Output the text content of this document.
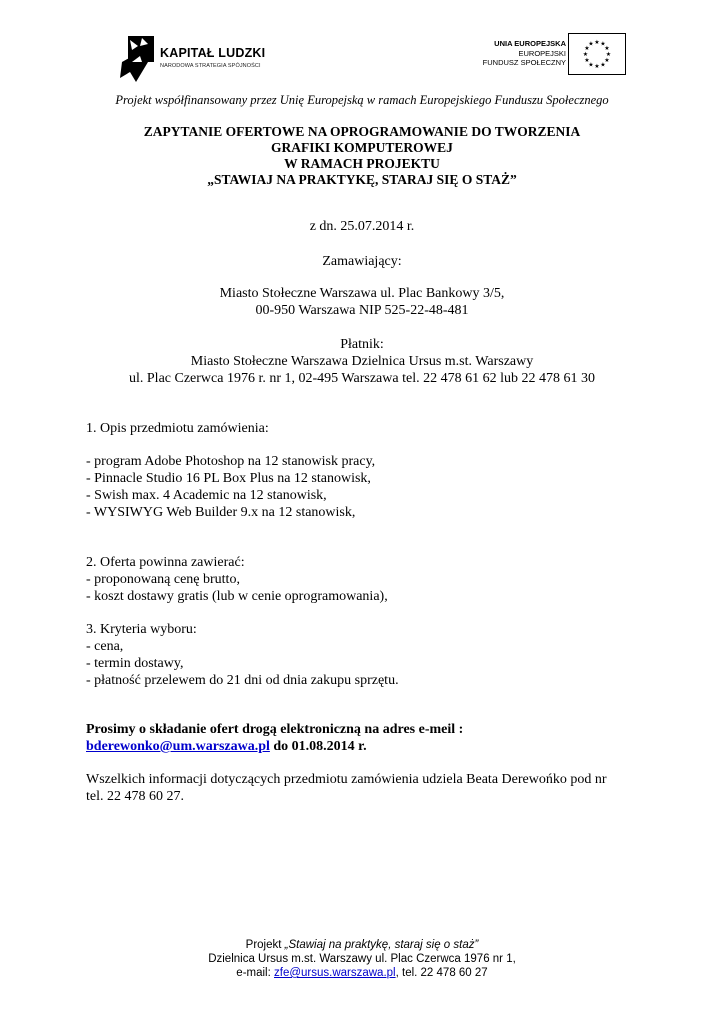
KAPITAŁ LUDZKI
NARODOWA STRATEGIA SPÓJNOŚCI
UNIA EUROPEJSKA
EUROPEJSKI
FUNDUSZ SPOŁECZNY
★ ★
★
★
★
★
★
★
★
★
★
★
Projekt współfinansowany przez Unię Europejską w ramach Europejskiego Funduszu Społecznego
ZAPYTANIE OFERTOWE NA OPROGRAMOWANIE DO TWORZENIA
GRAFIKI KOMPUTEROWEJ
W RAMACH PROJEKTU
„STAWIAJ NA PRAKTYKĘ, STARAJ SIĘ O STAŻ”
z dn. 25.07.2014 r.
Zamawiający:
Miasto Stołeczne Warszawa ul. Plac Bankowy 3/5,
00-950 Warszawa NIP 525-22-48-481
Płatnik:
Miasto Stołeczne Warszawa Dzielnica Ursus m.st. Warszawy
ul. Plac Czerwca 1976 r. nr 1, 02-495 Warszawa tel. 22 478 61 62 lub 22 478 61 30
1. Opis przedmiotu zamówienia:
- program Adobe Photoshop na 12 stanowisk pracy,
- Pinnacle Studio 16 PL Box Plus na 12 stanowisk,
- Swish max. 4 Academic na 12 stanowisk,
- WYSIWYG Web Builder 9.x na 12 stanowisk,
2. Oferta powinna zawierać:
- proponowaną cenę brutto,
- koszt dostawy gratis (lub w cenie oprogramowania),
3. Kryteria wyboru:
- cena,
- termin dostawy,
- płatność przelewem do 21 dni od dnia zakupu sprzętu.
Prosimy o składanie ofert drogą elektroniczną na adres e-meil :
bderewonko@um.warszawa.pl do 01.08.2014 r.
Wszelkich informacji dotyczących przedmiotu zamówienia udziela Beata Derewońko pod nr
tel. 22 478 60 27.
Projekt „Stawiaj na praktykę, staraj się o staż”
Dzielnica Ursus m.st. Warszawy ul. Plac Czerwca 1976 nr 1,
e-mail: zfe@ursus.warszawa.pl, tel. 22 478 60 27
